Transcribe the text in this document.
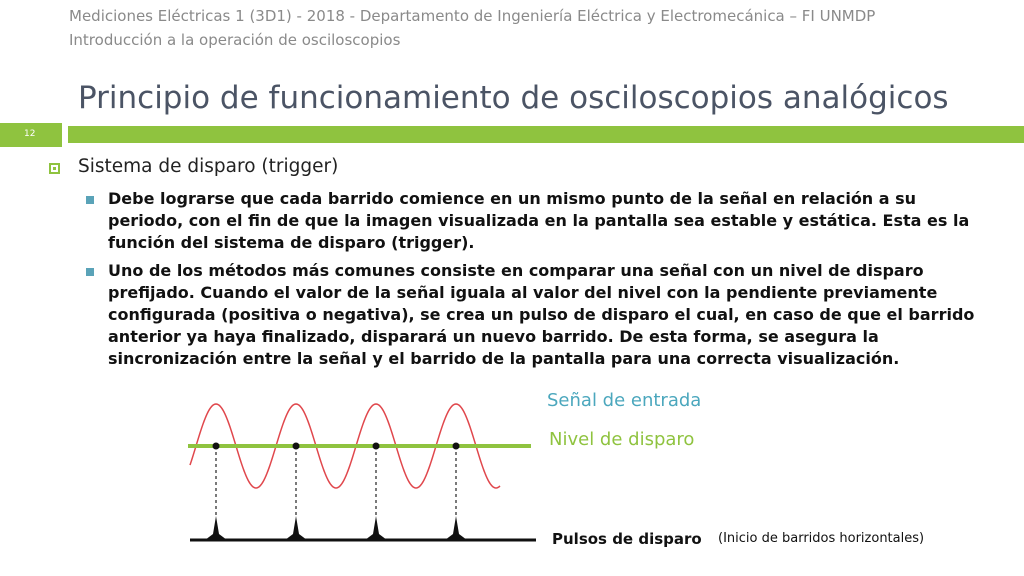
Mediciones Eléctricas 1 (3D1) - 2018 - Departamento de Ingeniería Eléctrica y Electromecánica – FI UNMDP
Introducción a la operación de osciloscopios
Principio de funcionamiento de osciloscopios analógicos
12
Sistema de disparo (trigger)
Debe lograrse que cada barrido comience en un mismo punto de la señal en relación a su
periodo, con el fin de que la imagen visualizada en la pantalla sea estable y estática. Esta es la
función del sistema de disparo (trigger).
Uno de los métodos más comunes consiste en comparar una señal con un nivel de disparo
prefijado. Cuando el valor de la señal iguala al valor del nivel con la pendiente previamente
configurada (positiva o negativa), se crea un pulso de disparo el cual, en caso de que el barrido
anterior ya haya finalizado, disparará un nuevo barrido. De esta forma, se asegura la
sincronización entre la señal y el barrido de la pantalla para una correcta visualización.
Señal de entrada
Nivel de disparo
Pulsos de disparo (Inicio de barridos horizontales)
